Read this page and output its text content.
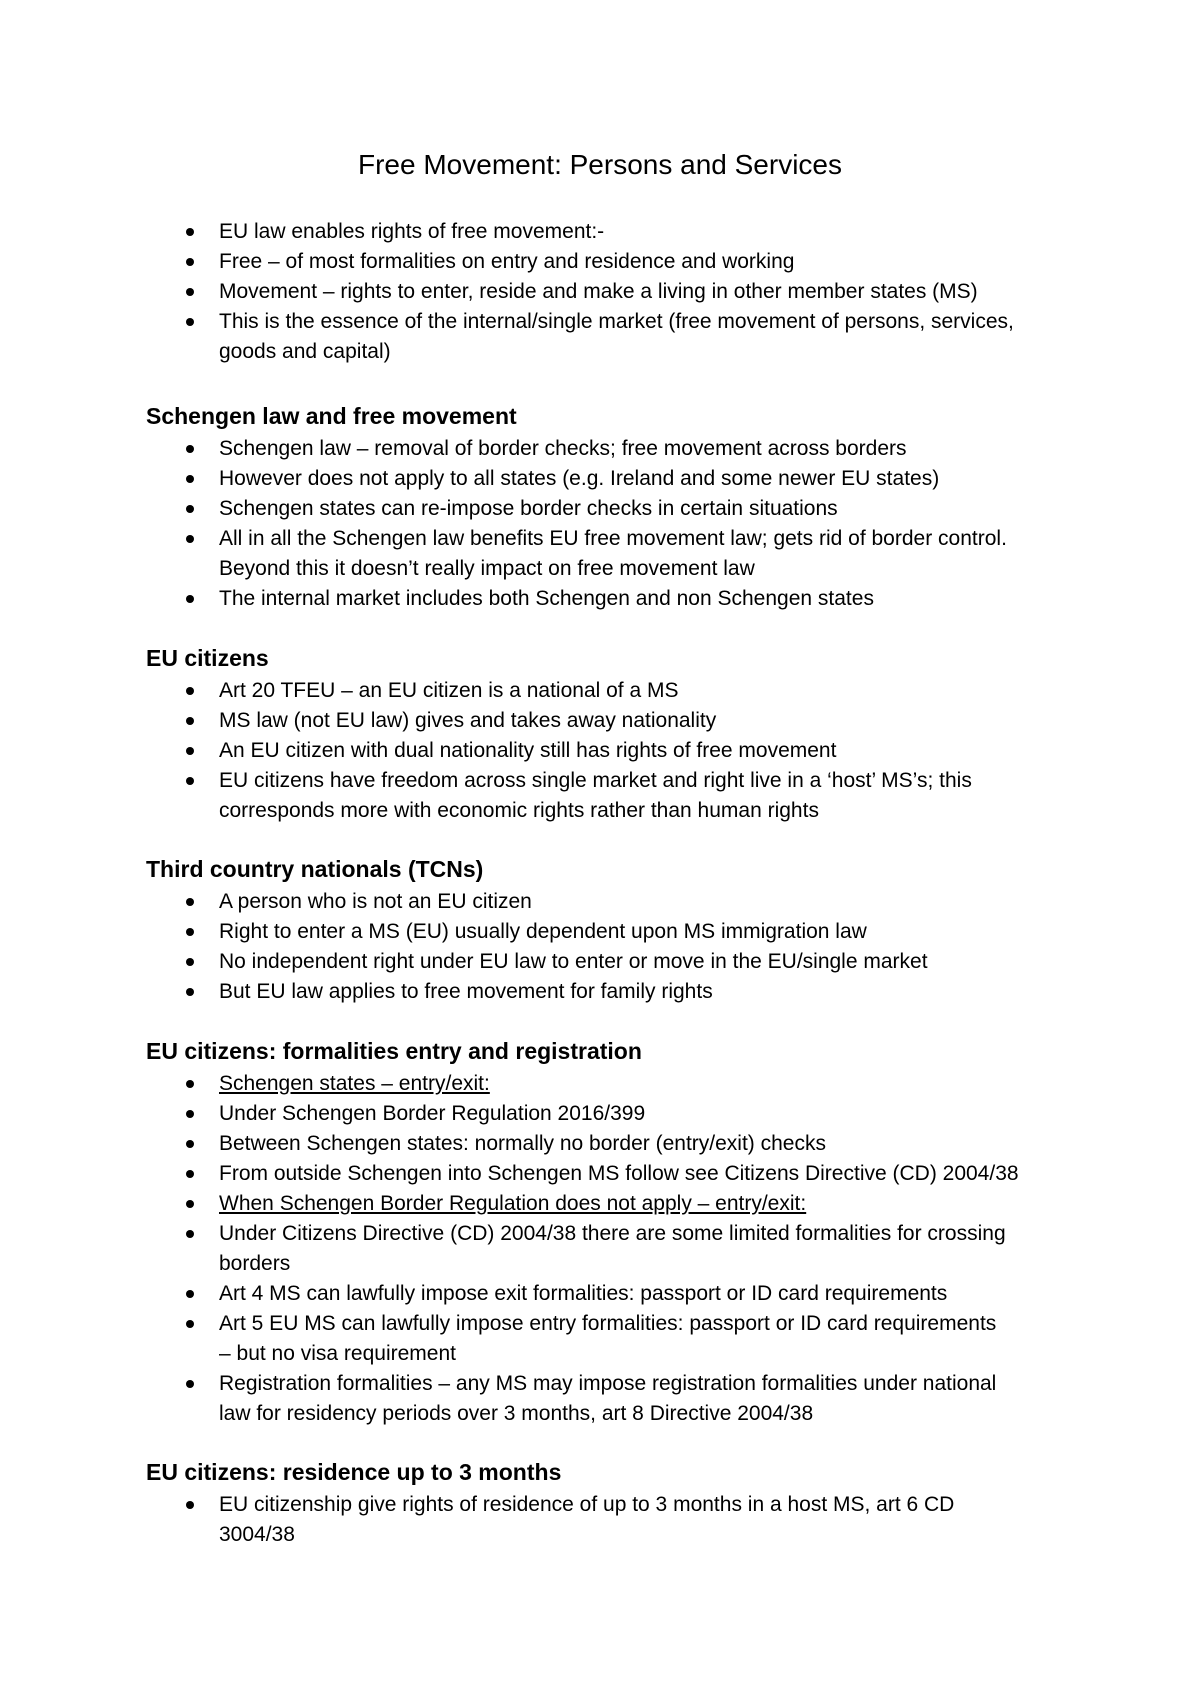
Free Movement: Persons and Services
EU law enables rights of free movement:-
Free – of most formalities on entry and residence and working
Movement – rights to enter, reside and make a living in other member states (MS)
This is the essence of the internal/single market (free movement of persons, services,
goods and capital)
Schengen law and free movement
Schengen law – removal of border checks; free movement across borders
However does not apply to all states (e.g. Ireland and some newer EU states)
Schengen states can re-impose border checks in certain situations
All in all the Schengen law benefits EU free movement law; gets rid of border control.
Beyond this it doesn’t really impact on free movement law
The internal market includes both Schengen and non Schengen states
EU citizens
Art 20 TFEU – an EU citizen is a national of a MS
MS law (not EU law) gives and takes away nationality
An EU citizen with dual nationality still has rights of free movement
EU citizens have freedom across single market and right live in a ‘host’ MS’s; this
corresponds more with economic rights rather than human rights
Third country nationals (TCNs)
A person who is not an EU citizen
Right to enter a MS (EU) usually dependent upon MS immigration law
No independent right under EU law to enter or move in the EU/single market
But EU law applies to free movement for family rights
EU citizens: formalities entry and registration
Schengen states – entry/exit:
Under Schengen Border Regulation 2016/399
Between Schengen states: normally no border (entry/exit) checks
From outside Schengen into Schengen MS follow see Citizens Directive (CD) 2004/38
When Schengen Border Regulation does not apply – entry/exit:
Under Citizens Directive (CD) 2004/38 there are some limited formalities for crossing
borders
Art 4 MS can lawfully impose exit formalities: passport or ID card requirements
Art 5 EU MS can lawfully impose entry formalities: passport or ID card requirements
– but no visa requirement
Registration formalities – any MS may impose registration formalities under national
law for residency periods over 3 months, art 8 Directive 2004/38
EU citizens: residence up to 3 months
EU citizenship give rights of residence of up to 3 months in a host MS, art 6 CD
3004/38
